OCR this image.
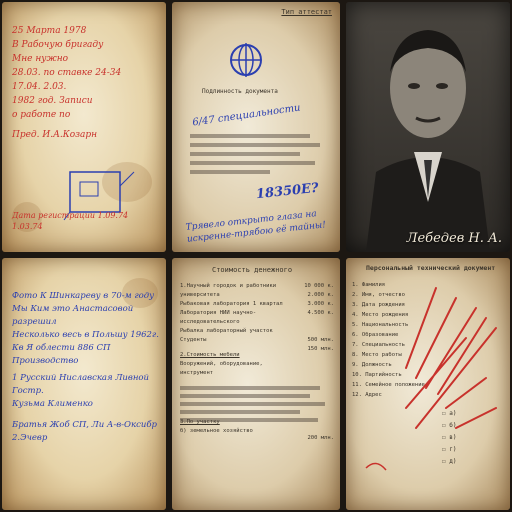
25 Марта 1978
В Рабочую бригаду
Мне нужно
28.03. по ставке 24-34
17.04. 2.03.
1982 год. Записи
о работе по
Пред. И.А.Козарн
Дата регистрации 1.09.74
1.03.74
Тип аттестат
Подлинность документа
6/47 специальности
18350E?
Трявело открыто глаза на искренне-трябою её тайны!	Лебедев Н. А.
Фото К Шинкареву в 70-м году
Мы Ким это Анастасовой разрешил
Несколько весь в Польшу 1962г.
Кв Я облести 886 СП
Производство
1 Русский Ниславская Ливной Гостр.
Кузьма Клименко
Братья Жоб СП, Ли А-в-Оксибр
2.Эчевр
Стоимость денежного
1.Научный городок и работники университета
Рыбаковая лаборатория 1 квартал
Лаборатория НИИ научно-исследовательского
Рыбалка лабораторный участок
Студенты
2.Стоимость мебели
Вооружений, оборудование, инструмент
3.По участку
б) земельное хозяйство
10 000 к.
2.000 к.
3.000 к.
4.500 к.
500 млн.
150 млн.
200 млн.
Персональный технический документ
1. Фамилия
2. Имя, отчество
3. Дата рождения
4. Место рождения
5. Национальность
6. Образование
7. Специальность
8. Место работы
9. Должность
10. Партийность
11. Семейное положение
12. Адрес
☐ а)
☐ б)
☐ в)
☐ г)
☐ д)
